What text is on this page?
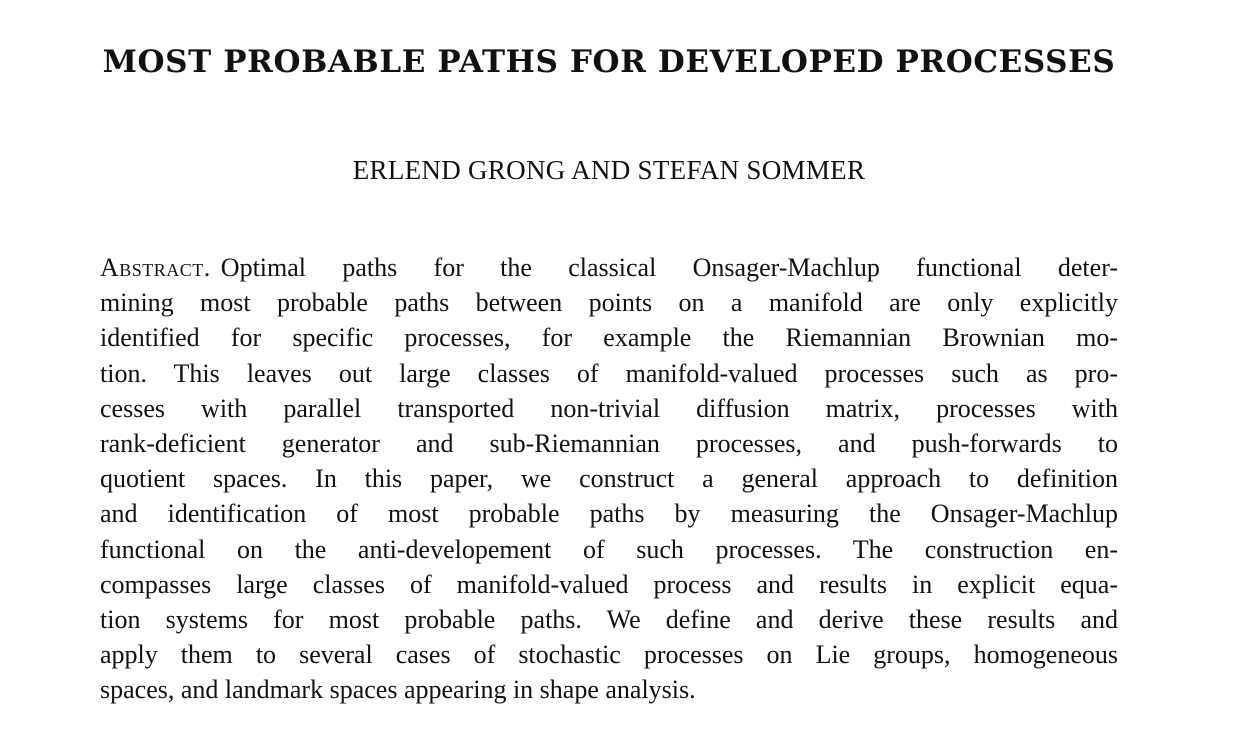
MOST PROBABLE PATHS FOR DEVELOPED PROCESSES
ERLEND GRONG AND STEFAN SOMMER
Abstract. Optimal paths for the classical Onsager-Machlup functional deter-
mining most probable paths between points on a manifold are only explicitly
identified for specific processes, for example the Riemannian Brownian mo-
tion. This leaves out large classes of manifold-valued processes such as pro-
cesses with parallel transported non-trivial diffusion matrix, processes with
rank-deficient generator and sub-Riemannian processes, and push-forwards to
quotient spaces. In this paper, we construct a general approach to definition
and identification of most probable paths by measuring the Onsager-Machlup
functional on the anti-developement of such processes. The construction en-
compasses large classes of manifold-valued process and results in explicit equa-
tion systems for most probable paths. We define and derive these results and
apply them to several cases of stochastic processes on Lie groups, homogeneous
spaces, and landmark spaces appearing in shape analysis.
